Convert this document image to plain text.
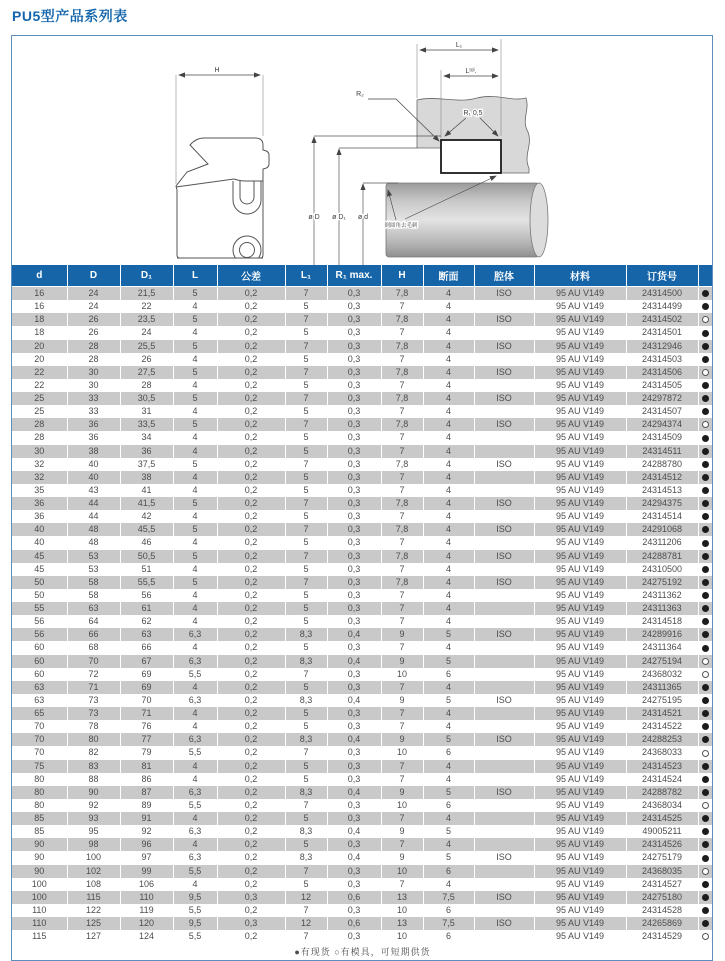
PU5型产品系列表
H
L₁
Lᵗᵒˡ.
R₁ 0,5
R₂
ø D ø D₁ ø d
倒圆角去毛刺
d	D	D₁	L	公差	L₁	R₁ max.	H	断面	腔体	材料	订货号	
16	24	21,5	5	0,2	7	0,3	7,8	4	ISO	95 AU V149	24314500	
16	24	22	4	0,2	5	0,3	7	4		95 AU V149	24314499	
18	26	23,5	5	0,2	7	0,3	7,8	4	ISO	95 AU V149	24314502	
18	26	24	4	0,2	5	0,3	7	4		95 AU V149	24314501	
20	28	25,5	5	0,2	7	0,3	7,8	4	ISO	95 AU V149	24312946	
20	28	26	4	0,2	5	0,3	7	4		95 AU V149	24314503	
22	30	27,5	5	0,2	7	0,3	7,8	4	ISO	95 AU V149	24314506	
22	30	28	4	0,2	5	0,3	7	4		95 AU V149	24314505	
25	33	30,5	5	0,2	7	0,3	7,8	4	ISO	95 AU V149	24297872	
25	33	31	4	0,2	5	0,3	7	4		95 AU V149	24314507	
28	36	33,5	5	0,2	7	0,3	7,8	4	ISO	95 AU V149	24294374	
28	36	34	4	0,2	5	0,3	7	4		95 AU V149	24314509	
30	38	36	4	0,2	5	0,3	7	4		95 AU V149	24314511	
32	40	37,5	5	0,2	7	0,3	7,8	4	ISO	95 AU V149	24288780	
32	40	38	4	0,2	5	0,3	7	4		95 AU V149	24314512	
35	43	41	4	0,2	5	0,3	7	4		95 AU V149	24314513	
36	44	41,5	5	0,2	7	0,3	7,8	4	ISO	95 AU V149	24294375	
36	44	42	4	0,2	5	0,3	7	4		95 AU V149	24314514	
40	48	45,5	5	0,2	7	0,3	7,8	4	ISO	95 AU V149	24291068	
40	48	46	4	0,2	5	0,3	7	4		95 AU V149	24311206	
45	53	50,5	5	0,2	7	0,3	7,8	4	ISO	95 AU V149	24288781	
45	53	51	4	0,2	5	0,3	7	4		95 AU V149	24310500	
50	58	55,5	5	0,2	7	0,3	7,8	4	ISO	95 AU V149	24275192	
50	58	56	4	0,2	5	0,3	7	4		95 AU V149	24311362	
55	63	61	4	0,2	5	0,3	7	4		95 AU V149	24311363	
56	64	62	4	0,2	5	0,3	7	4		95 AU V149	24314518	
56	66	63	6,3	0,2	8,3	0,4	9	5	ISO	95 AU V149	24289916	
60	68	66	4	0,2	5	0,3	7	4		95 AU V149	24311364	
60	70	67	6,3	0,2	8,3	0,4	9	5		95 AU V149	24275194	
60	72	69	5,5	0,2	7	0,3	10	6		95 AU V149	24368032	
63	71	69	4	0,2	5	0,3	7	4		95 AU V149	24311365	
63	73	70	6,3	0,2	8,3	0,4	9	5	ISO	95 AU V149	24275195	
65	73	71	4	0,2	5	0,3	7	4		95 AU V149	24314521	
70	78	76	4	0,2	5	0,3	7	4		95 AU V149	24314522	
70	80	77	6,3	0,2	8,3	0,4	9	5	ISO	95 AU V149	24288253	
70	82	79	5,5	0,2	7	0,3	10	6		95 AU V149	24368033	
75	83	81	4	0,2	5	0,3	7	4		95 AU V149	24314523	
80	88	86	4	0,2	5	0,3	7	4		95 AU V149	24314524	
80	90	87	6,3	0,2	8,3	0,4	9	5	ISO	95 AU V149	24288782	
80	92	89	5,5	0,2	7	0,3	10	6		95 AU V149	24368034	
85	93	91	4	0,2	5	0,3	7	4		95 AU V149	24314525	
85	95	92	6,3	0,2	8,3	0,4	9	5		95 AU V149	49005211	
90	98	96	4	0,2	5	0,3	7	4		95 AU V149	24314526	
90	100	97	6,3	0,2	8,3	0,4	9	5	ISO	95 AU V149	24275179	
90	102	99	5,5	0,2	7	0,3	10	6		95 AU V149	24368035	
100	108	106	4	0,2	5	0,3	7	4		95 AU V149	24314527	
100	115	110	9,5	0,3	12	0,6	13	7,5	ISO	95 AU V149	24275180	
110	122	119	5,5	0,2	7	0,3	10	6		95 AU V149	24314528	
110	125	120	9,5	0,3	12	0,6	13	7,5	ISO	95 AU V149	24265869	
115	127	124	5,5	0,2	7	0,3	10	6		95 AU V149	24314529	
●有现货 ○有模具，可短期供货
